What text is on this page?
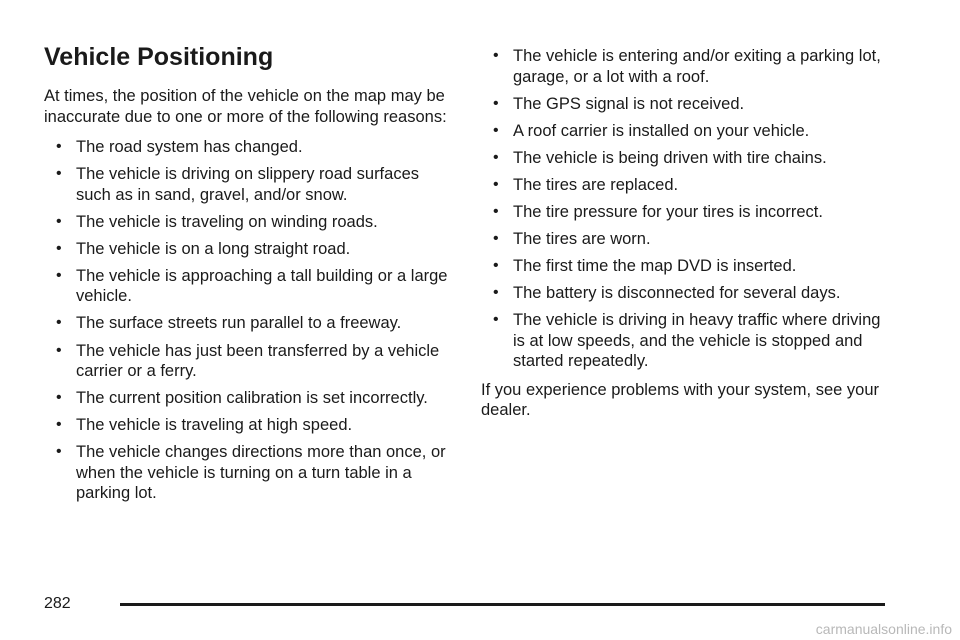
Vehicle Positioning

At times, the position of the vehicle on the map may be inaccurate due to one or more of the following reasons:

• The road system has changed.
• The vehicle is driving on slippery road surfaces such as in sand, gravel, and/or snow.
• The vehicle is traveling on winding roads.
• The vehicle is on a long straight road.
• The vehicle is approaching a tall building or a large vehicle.
• The surface streets run parallel to a freeway.
• The vehicle has just been transferred by a vehicle carrier or a ferry.
• The current position calibration is set incorrectly.
• The vehicle is traveling at high speed.
• The vehicle changes directions more than once, or when the vehicle is turning on a turn table in a parking lot.
• The vehicle is entering and/or exiting a parking lot, garage, or a lot with a roof.
• The GPS signal is not received.
• A roof carrier is installed on your vehicle.
• The vehicle is being driven with tire chains.
• The tires are replaced.
• The tire pressure for your tires is incorrect.
• The tires are worn.
• The first time the map DVD is inserted.
• The battery is disconnected for several days.
• The vehicle is driving in heavy traffic where driving is at low speeds, and the vehicle is stopped and started repeatedly.

If you experience problems with your system, see your dealer.

282
carmanualsonline.info
